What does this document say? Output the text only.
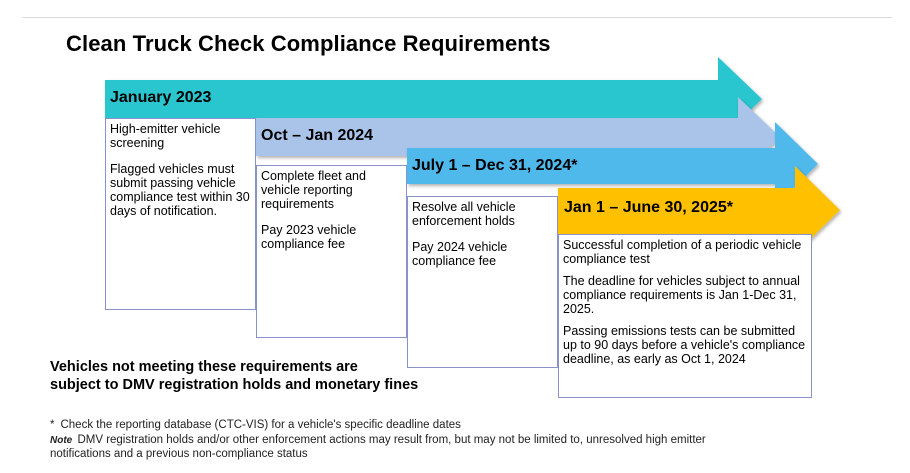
Clean Truck Check Compliance Requirements
January 2023
Oct – Jan 2024
July 1 – Dec 31, 2024*
Jan 1 – June 30, 2025*

High-emitter vehicle screening

Flagged vehicles must submit passing vehicle compliance test within 30 days of notification.

Complete fleet and vehicle reporting requirements

Pay 2023 vehicle compliance fee

Resolve all vehicle enforcement holds

Pay 2024 vehicle compliance fee

Successful completion of a periodic vehicle compliance test

The deadline for vehicles subject to annual compliance requirements is Jan 1-Dec 31, 2025.

Passing emissions tests can be submitted up to 90 days before a vehicle's compliance deadline, as early as Oct 1, 2024

Vehicles not meeting these requirements are
subject to DMV registration holds and monetary fines
* Check the reporting database (CTC-VIS) for a vehicle's specific deadline dates
Note DMV registration holds and/or other enforcement actions may result from, but may not be limited to, unresolved high emitter
notifications and a previous non-compliance status
